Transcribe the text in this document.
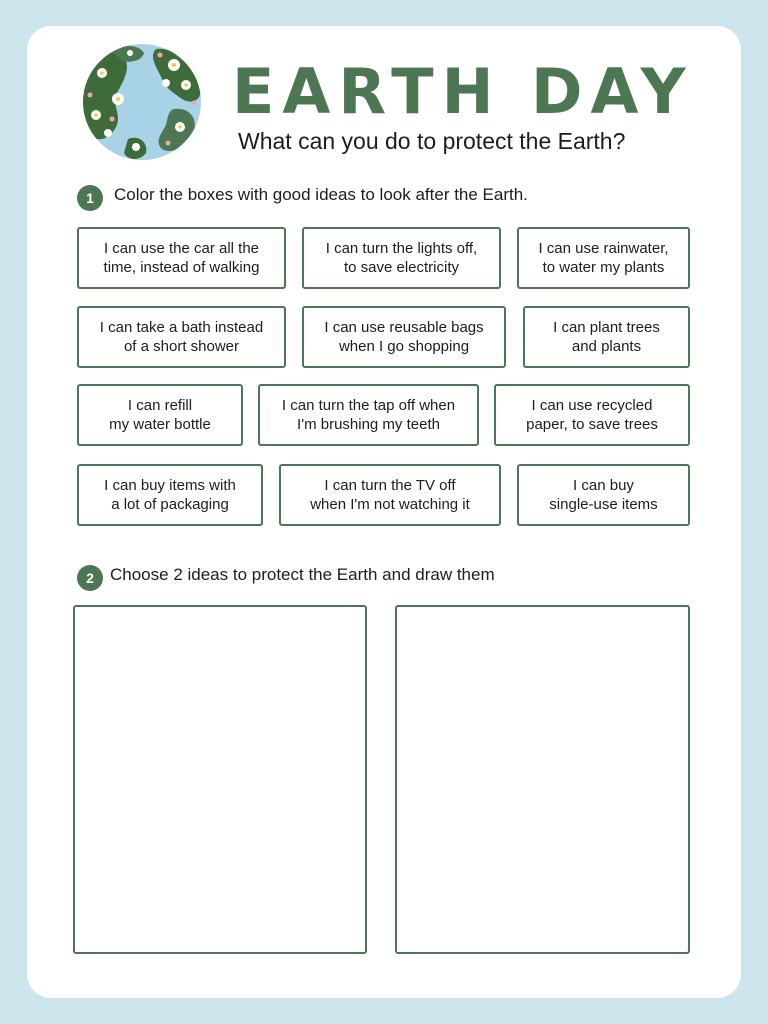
EARTH DAY
What can you do to protect the Earth?
1	Color the boxes with good ideas to look after the Earth.
I can use the car all the
time, instead of walking
I can turn the lights off,
to save electricity
I can use rainwater,
to water my plants
I can take a bath instead
of a short shower
I can use reusable bags
when I go shopping
I can plant trees
and plants
I can refill
my water bottle
I can turn the tap off when
I'm brushing my teeth
I can use recycled
paper, to save trees
I can buy items with
a lot of packaging
I can turn the TV off
when I'm not watching it
I can buy
single-use items
2 Choose 2 ideas to protect the Earth and draw them
